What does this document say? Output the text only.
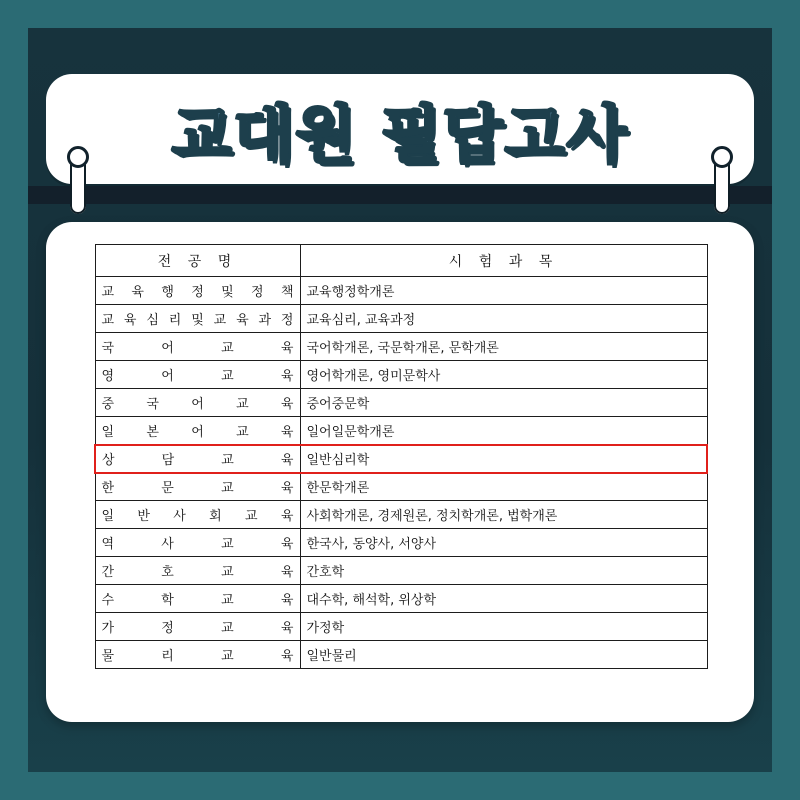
교대원 필답고사
전 공 명	시 험 과 목
교 육 행 정 및 정 책	교육행정학개론
교 육 심 리 및 교 육 과 정	교육심리, 교육과정
국 어 교 육	국어학개론, 국문학개론, 문학개론
영 어 교 육	영어학개론, 영미문학사
중 국 어 교 육	중어중문학
일 본 어 교 육	일어일문학개론
상 담 교 육	일반심리학
한 문 교 육	한문학개론
일 반 사 회 교 육	사회학개론, 경제원론, 정치학개론, 법학개론
역 사 교 육	한국사, 동양사, 서양사
간 호 교 육	간호학
수 학 교 육	대수학, 해석학, 위상학
가 정 교 육	가정학
물 리 교 육	일반물리
